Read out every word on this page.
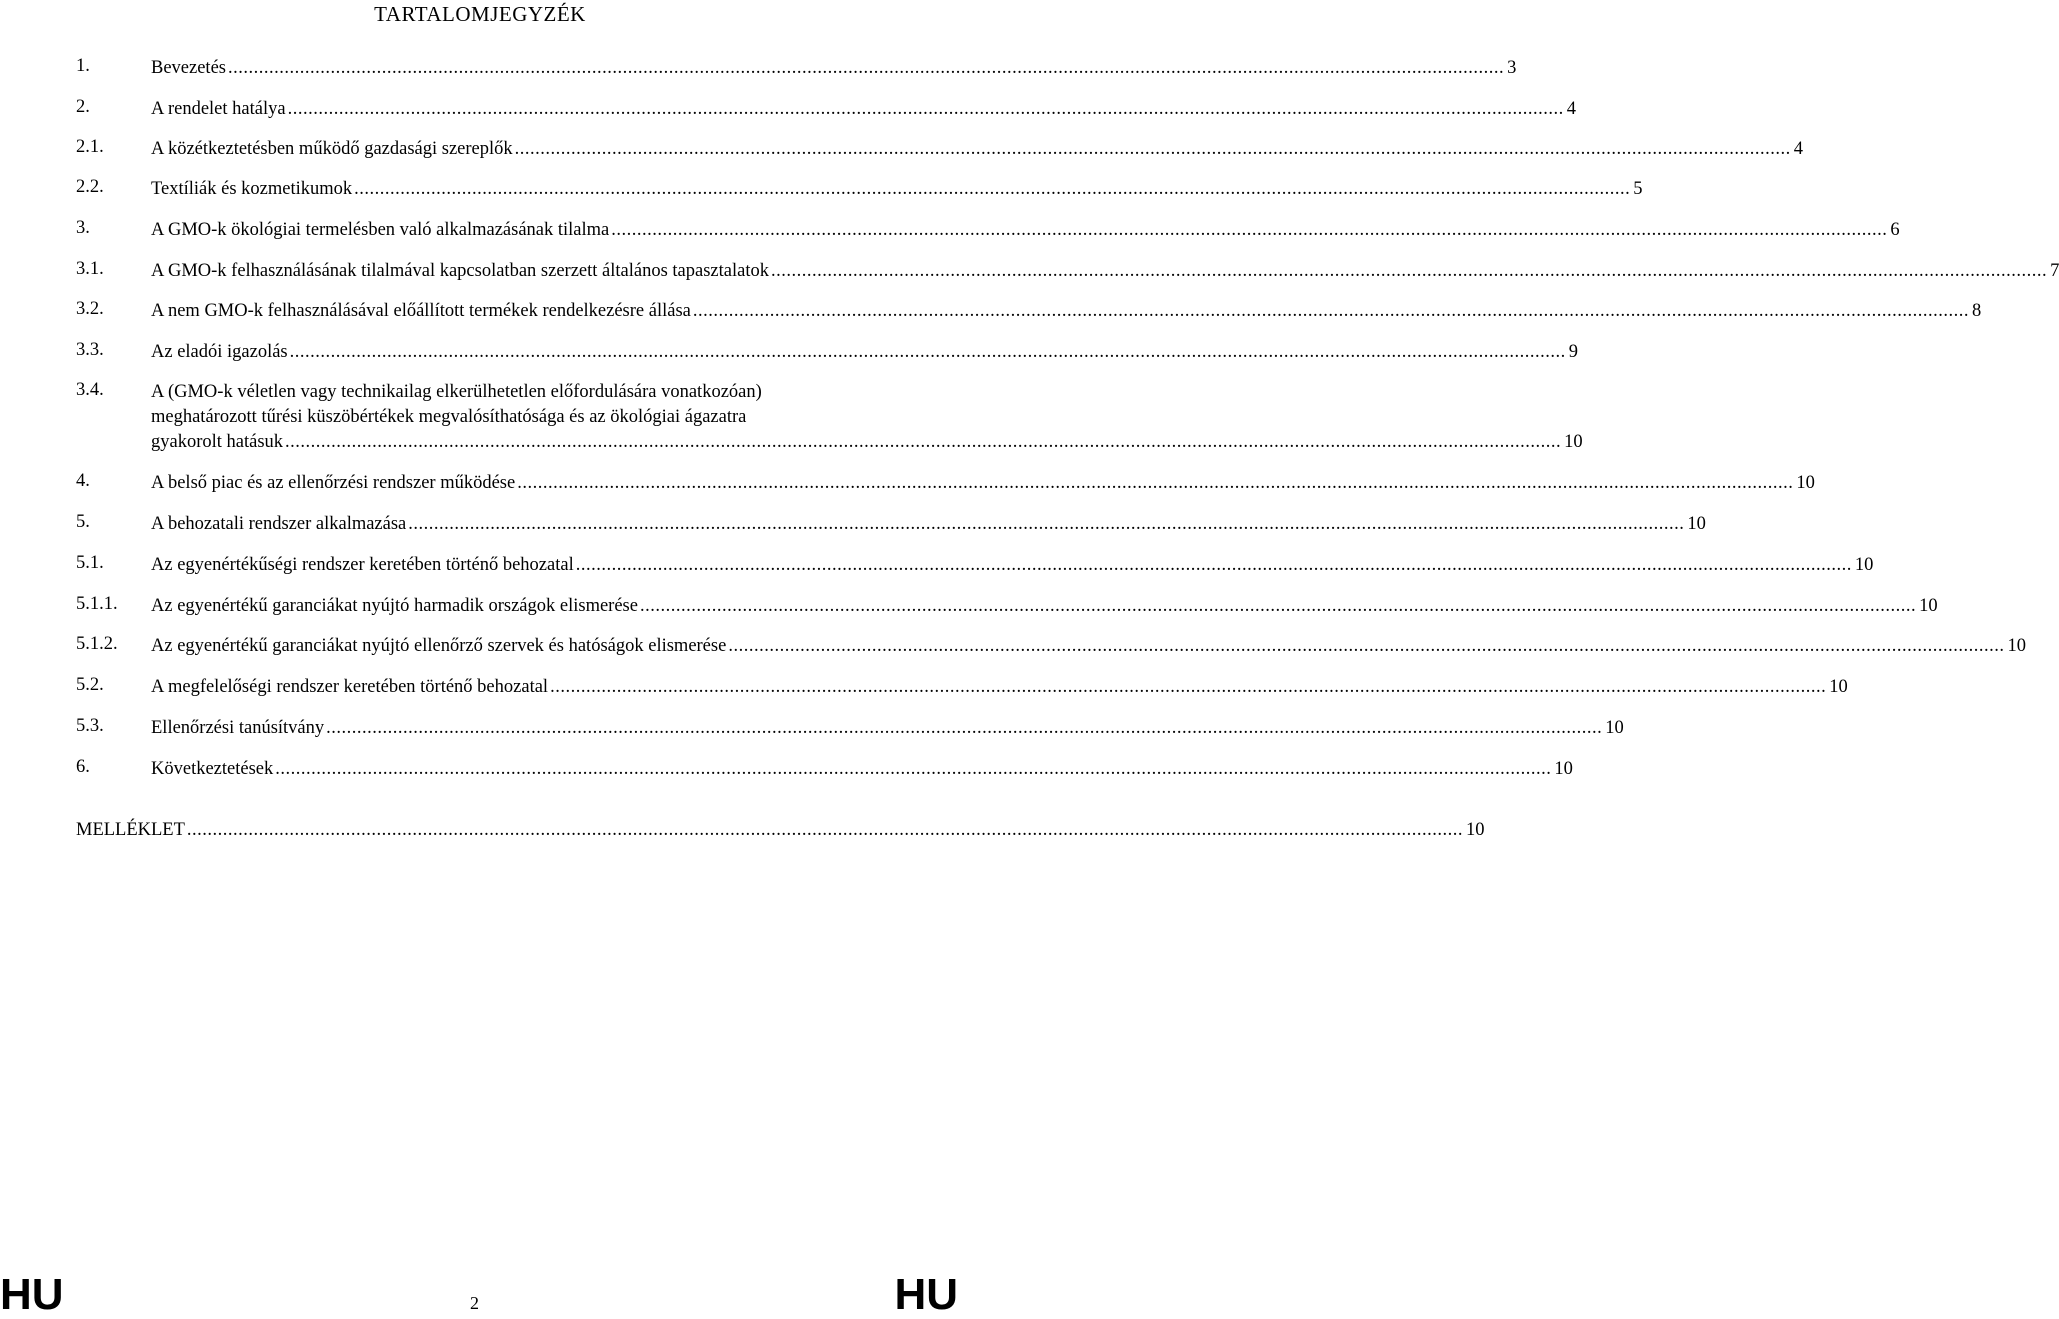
TARTALOMJEGYZÉK
1.	Bevezetés ......................................................................................................................................................................................................................................................... 3
2.	A rendelet hatálya ......................................................................................................................................................................................................................................................... 4
2.1.	A közétkeztetésben működő gazdasági szereplők ......................................................................................................................................................................................................................................................... 4
2.2.	Textíliák és kozmetikumok ......................................................................................................................................................................................................................................................... 5
3.	A GMO-k ökológiai termelésben való alkalmazásának tilalma ......................................................................................................................................................................................................................................................... 6
3.1.	A GMO-k felhasználásának tilalmával kapcsolatban szerzett általános tapasztalatok ......................................................................................................................................................................................................................................................... 7
3.2.	A nem GMO-k felhasználásával előállított termékek rendelkezésre állása ......................................................................................................................................................................................................................................................... 8
3.3.	Az eladói igazolás ......................................................................................................................................................................................................................................................... 9
3.4.	A (GMO-k véletlen vagy technikailag elkerülhetetlen előfordulására vonatkozóan)
meghatározott tűrési küszöbértékek megvalósíthatósága és az ökológiai ágazatra
gyakorolt hatásuk ......................................................................................................................................................................................................................................................... 10
4.	A belső piac és az ellenőrzési rendszer működése ......................................................................................................................................................................................................................................................... 10
5.	A behozatali rendszer alkalmazása ......................................................................................................................................................................................................................................................... 10
5.1.	Az egyenértékűségi rendszer keretében történő behozatal ......................................................................................................................................................................................................................................................... 10
5.1.1. Az egyenértékű garanciákat nyújtó harmadik országok elismerése ......................................................................................................................................................................................................................................................... 10
5.1.2. Az egyenértékű garanciákat nyújtó ellenőrző szervek és hatóságok elismerése ......................................................................................................................................................................................................................................................... 10
5.2.	A megfelelőségi rendszer keretében történő behozatal ......................................................................................................................................................................................................................................................... 10
5.3.	Ellenőrzési tanúsítvány ......................................................................................................................................................................................................................................................... 10
6.	Következtetések ......................................................................................................................................................................................................................................................... 10
MELLÉKLET ......................................................................................................................................................................................................................................................... 10
HU	2	HU
